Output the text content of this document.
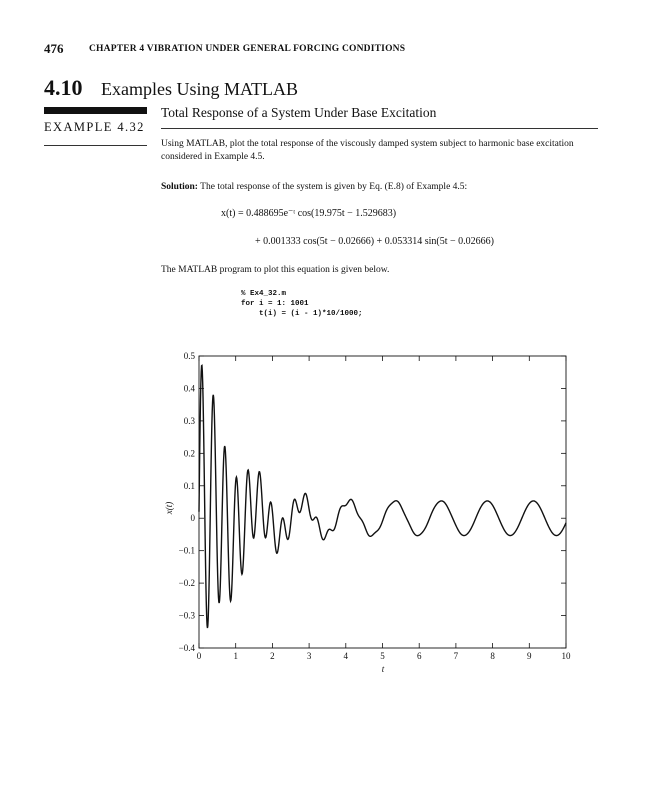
476	CHAPTER 4 VIBRATION UNDER GENERAL FORCING CONDITIONS
4.10 Examples Using MATLAB
EXAMPLE 4.32
Total Response of a System Under Base Excitation
Using MATLAB, plot the total response of the viscously damped system subject to harmonic base excitation considered in Example 4.5.
Solution: The total response of the system is given by Eq. (E.8) of Example 4.5:
x(t) = 0.488695e⁻ᵗ cos(19.975t − 1.529683)
+ 0.001333 cos(5t − 0.02666) + 0.053314 sin(5t − 0.02666)
The MATLAB program to plot this equation is given below.
% Ex4_32.m
for i = 1: 1001
t(i) = (i - 1)*10/1000;
0	1	2	3	4	5	6	7	8	9	10
0.5
0.4
0.3
0.2
0.1
0
−0.1
−0.2
−0.3
−0.4
t
x(t)
